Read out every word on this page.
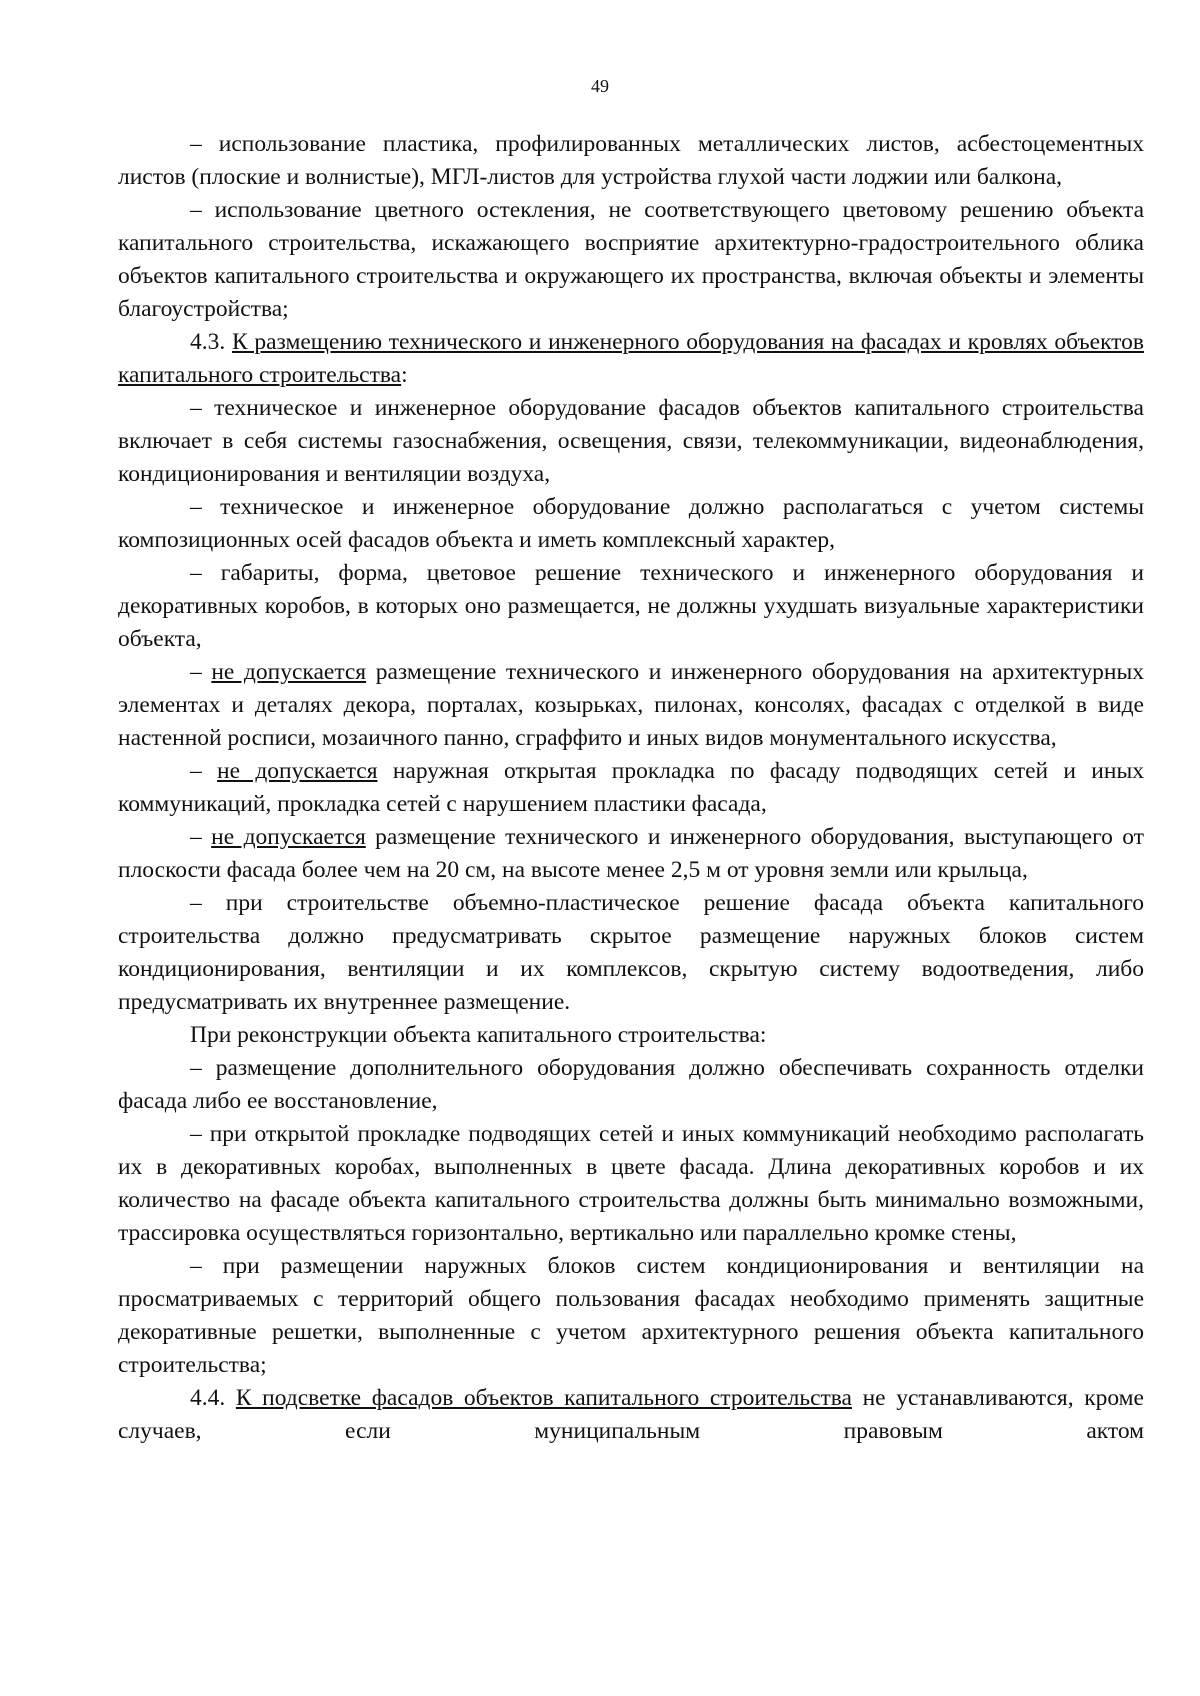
49

– использование пластика, профилированных металлических листов, асбестоцементных листов (плоские и волнистые), МГЛ-листов для устройства глухой части лоджии или балкона,

– использование цветного остекления, не соответствующего цветовому решению объекта капитального строительства, искажающего восприятие архитектурно-градостроительного облика объектов капитального строительства и окружающего их пространства, включая объекты и элементы благоустройства;

4.3. К размещению технического и инженерного оборудования на фасадах и кровлях объектов капитального строительства:

– техническое и инженерное оборудование фасадов объектов капитального строительства включает в себя системы газоснабжения, освещения, связи, телекоммуникации, видеонаблюдения, кондиционирования и вентиляции воздуха,

– техническое и инженерное оборудование должно располагаться с учетом системы композиционных осей фасадов объекта и иметь комплексный характер,

– габариты, форма, цветовое решение технического и инженерного оборудования и декоративных коробов, в которых оно размещается, не должны ухудшать визуальные характеристики объекта,

– не допускается размещение технического и инженерного оборудования на архитектурных элементах и деталях декора, порталах, козырьках, пилонах, консолях, фасадах с отделкой в виде настенной росписи, мозаичного панно, сграффито и иных видов монументального искусства,

– не допускается наружная открытая прокладка по фасаду подводящих сетей и иных коммуникаций, прокладка сетей с нарушением пластики фасада,

– не допускается размещение технического и инженерного оборудования, выступающего от плоскости фасада более чем на 20 см, на высоте менее 2,5 м от уровня земли или крыльца,

– при строительстве объемно-пластическое решение фасада объекта капитального строительства должно предусматривать скрытое размещение наружных блоков систем кондиционирования, вентиляции и их комплексов, скрытую систему водоотведения, либо предусматривать их внутреннее размещение.

При реконструкции объекта капитального строительства:

– размещение дополнительного оборудования должно обеспечивать сохранность отделки фасада либо ее восстановление,

– при открытой прокладке подводящих сетей и иных коммуникаций необходимо располагать их в декоративных коробах, выполненных в цвете фасада. Длина декоративных коробов и их количество на фасаде объекта капитального строительства должны быть минимально возможными, трассировка осуществляться горизонтально, вертикально или параллельно кромке стены,

– при размещении наружных блоков систем кондиционирования и вентиляции на просматриваемых с территорий общего пользования фасадах необходимо применять защитные декоративные решетки, выполненные с учетом архитектурного решения объекта капитального строительства;

4.4. К подсветке фасадов объектов капитального строительства не устанавливаются, кроме случаев, если муниципальным правовым актом
